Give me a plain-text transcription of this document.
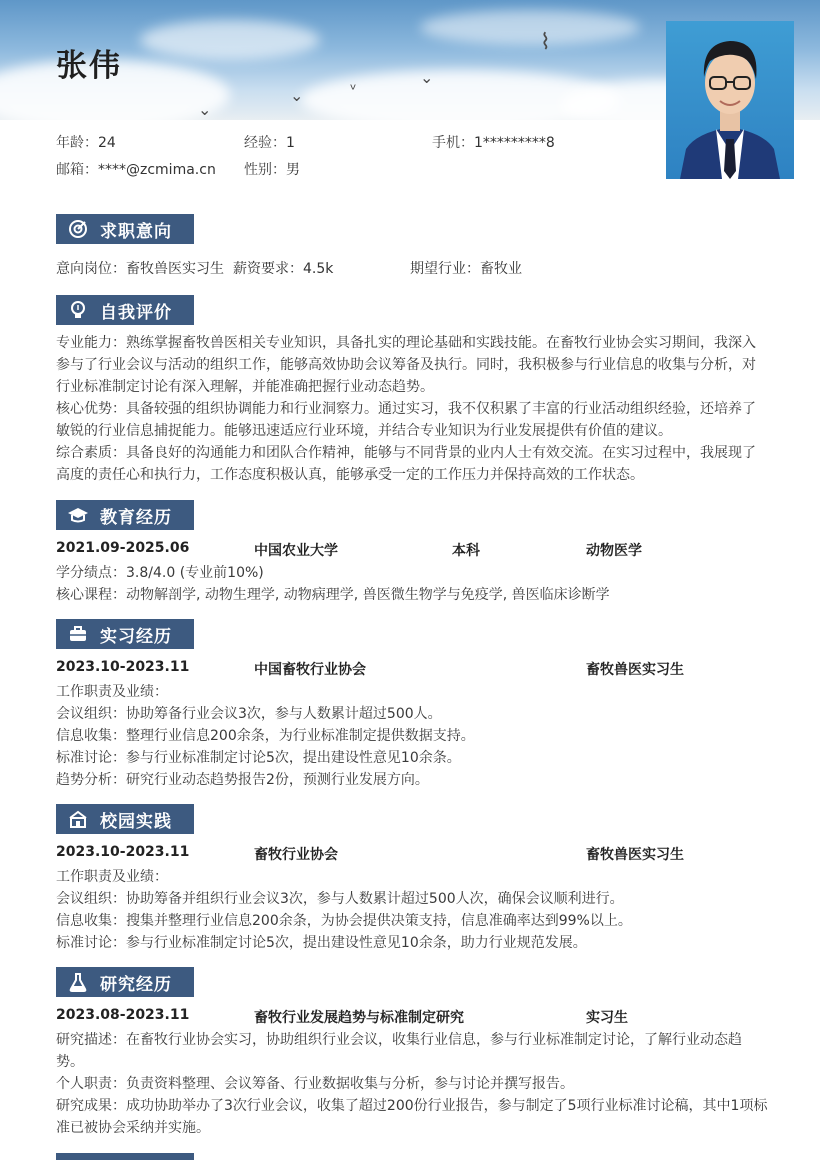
⌇
⌄
ᵛ
⌄
⌄
张伟
年龄：24	经验：1	手机：1*********8
邮箱：****@zcmima.cn 性别：男
求职意向
意向岗位：畜牧兽医实习生 薪资要求：4.5k	期望行业：畜牧业
自我评价
专业能力：熟练掌握畜牧兽医相关专业知识，具备扎实的理论基础和实践技能。在畜牧行业协会实习期间，我深入
参与了行业会议与活动的组织工作，能够高效协助会议筹备及执行。同时，我积极参与行业信息的收集与分析，对
行业标准制定讨论有深入理解，并能准确把握行业动态趋势。
核心优势：具备较强的组织协调能力和行业洞察力。通过实习，我不仅积累了丰富的行业活动组织经验，还培养了
敏锐的行业信息捕捉能力。能够迅速适应行业环境，并结合专业知识为行业发展提供有价值的建议。
综合素质：具备良好的沟通能力和团队合作精神，能够与不同背景的业内人士有效交流。在实习过程中，我展现了
高度的责任心和执行力，工作态度积极认真，能够承受一定的工作压力并保持高效的工作状态。
教育经历
2021.09-2025.06	中国农业大学	本科	动物医学
学分绩点：3.8/4.0 (专业前10%)
核心课程：动物解剖学, 动物生理学, 动物病理学, 兽医微生物学与免疫学, 兽医临床诊断学
实习经历
2023.10-2023.11	中国畜牧行业协会	畜牧兽医实习生
工作职责及业绩：
会议组织：协助筹备行业会议3次，参与人数累计超过500人。
信息收集：整理行业信息200余条，为行业标准制定提供数据支持。
标准讨论：参与行业标准制定讨论5次，提出建设性意见10余条。
趋势分析：研究行业动态趋势报告2份，预测行业发展方向。
校园实践
2023.10-2023.11	畜牧行业协会	畜牧兽医实习生
工作职责及业绩：
会议组织：协助筹备并组织行业会议3次，参与人数累计超过500人次，确保会议顺利进行。
信息收集：搜集并整理行业信息200余条，为协会提供决策支持，信息准确率达到99%以上。
标准讨论：参与行业标准制定讨论5次，提出建设性意见10余条，助力行业规范发展。
研究经历
2023.08-2023.11	畜牧行业发展趋势与标准制定研究	实习生
研究描述：在畜牧行业协会实习，协助组织行业会议，收集行业信息，参与行业标准制定讨论，了解行业动态趋
势。
个人职责：负责资料整理、会议筹备、行业数据收集与分析，参与讨论并撰写报告。
研究成果：成功协助举办了3次行业会议，收集了超过200份行业报告，参与制定了5项行业标准讨论稿，其中1项标
准已被协会采纳并实施。
